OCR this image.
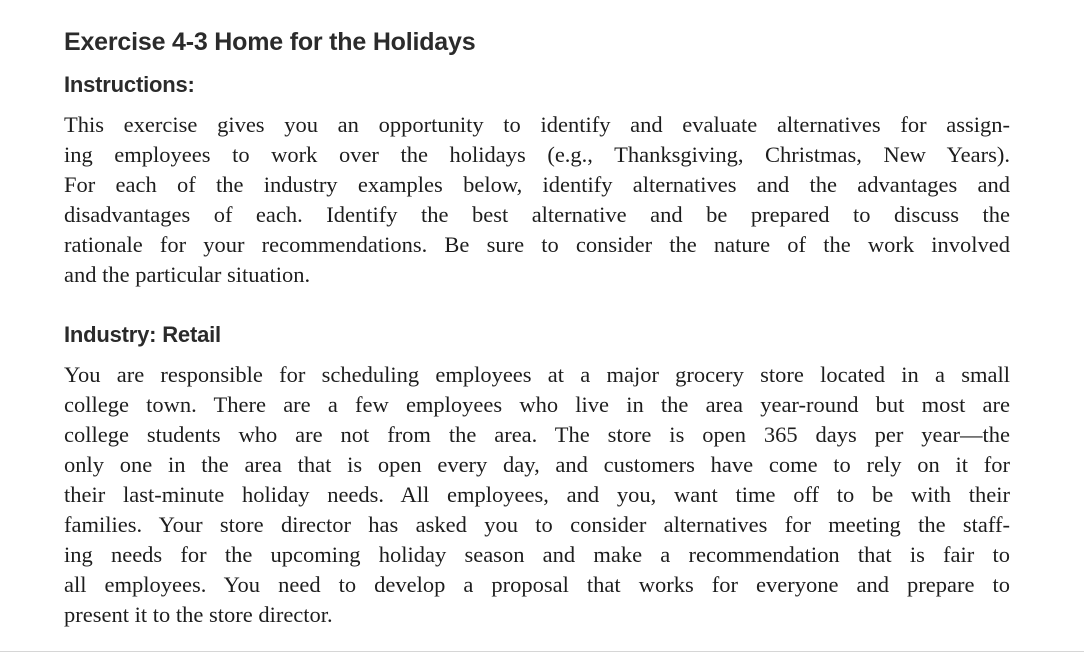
Exercise 4-3 Home for the Holidays
Instructions:
This exercise gives you an opportunity to identify and evaluate alternatives for assign-
ing employees to work over the holidays (e.g., Thanksgiving, Christmas, New Years).
For each of the industry examples below, identify alternatives and the advantages and
disadvantages of each. Identify the best alternative and be prepared to discuss the
rationale for your recommendations. Be sure to consider the nature of the work involved
and the particular situation.
Industry: Retail
You are responsible for scheduling employees at a major grocery store located in a small
college town. There are a few employees who live in the area year-round but most are
college students who are not from the area. The store is open 365 days per year—the
only one in the area that is open every day, and customers have come to rely on it for
their last-minute holiday needs. All employees, and you, want time off to be with their
families. Your store director has asked you to consider alternatives for meeting the staff-
ing needs for the upcoming holiday season and make a recommendation that is fair to
all employees. You need to develop a proposal that works for everyone and prepare to
present it to the store director.
